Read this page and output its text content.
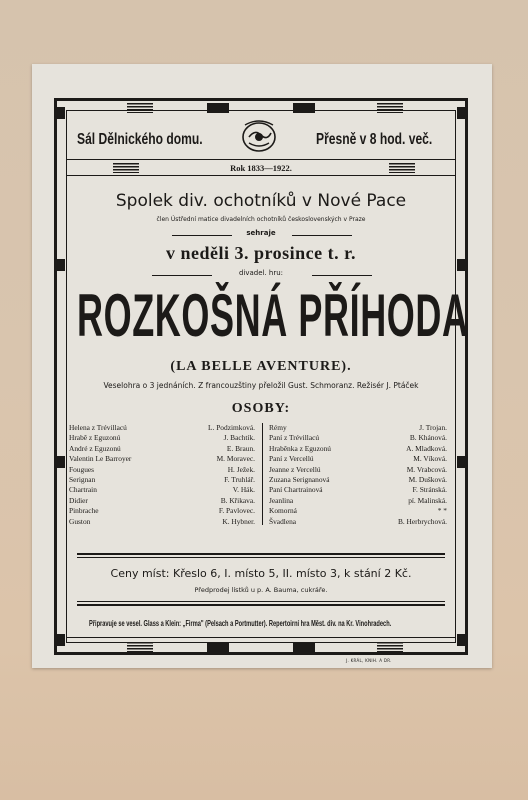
Sál Dělnického domu.	Přesně v 8 hod. več.
Rok 1833—1922.
Spolek div. ochotníků v Nové Pace
člen Ústřední matice divadelních ochotníků československých v Praze
sehraje
v neděli 3. prosince t. r.
divadel. hru:
ROZKOŠNÁ PŘÍHODA
(LA BELLE AVENTURE).
Veselohra o 3 jednáních. Z francouzštiny přeložil Gust. Schmoranz. Režisér J. Ptáček
OSOBY:
Helena z Trévillacú	L. Podzimková.
Hrabě z Eguzonú	J. Bachtík.
André z Eguzonú	E. Braun.
Valentin Le Barroyer	M. Moravec.
Fougues	H. Ježek.
Serignan	F. Truhlář.
Chartrain	V. Hák.
Didier	B. Křikava.
Pinbrache	F. Pavlovec.
Guston	K. Hybner.
Rémy	J. Trojan.
Paní z Trévillacú	B. Khánová.
Hraběnka z Eguzonú	A. Mladková.
Paní z Vercellú	M. Víková.
Jeanne z Vercellú	M. Vrabcová.
Zuzana Serignanová	M. Dušková.
Paní Chartrainová	F. Stránská.
Jeanlina	pí. Malinská.
Komorná	* *
Švadlena	B. Herbrychová.
Ceny míst: Křeslo 6, I. místo 5, II. místo 3, k stání 2 Kč.
Předprodej lístků u p. A. Bauma, cukráře.
Připravuje se vesel. Glass a Klein: „Firma" (Pelsach a Portmutter). Repertoirní hra Měst. div. na Kr. Vinohradech.
J. KRÁL, KNIH. A DR.
